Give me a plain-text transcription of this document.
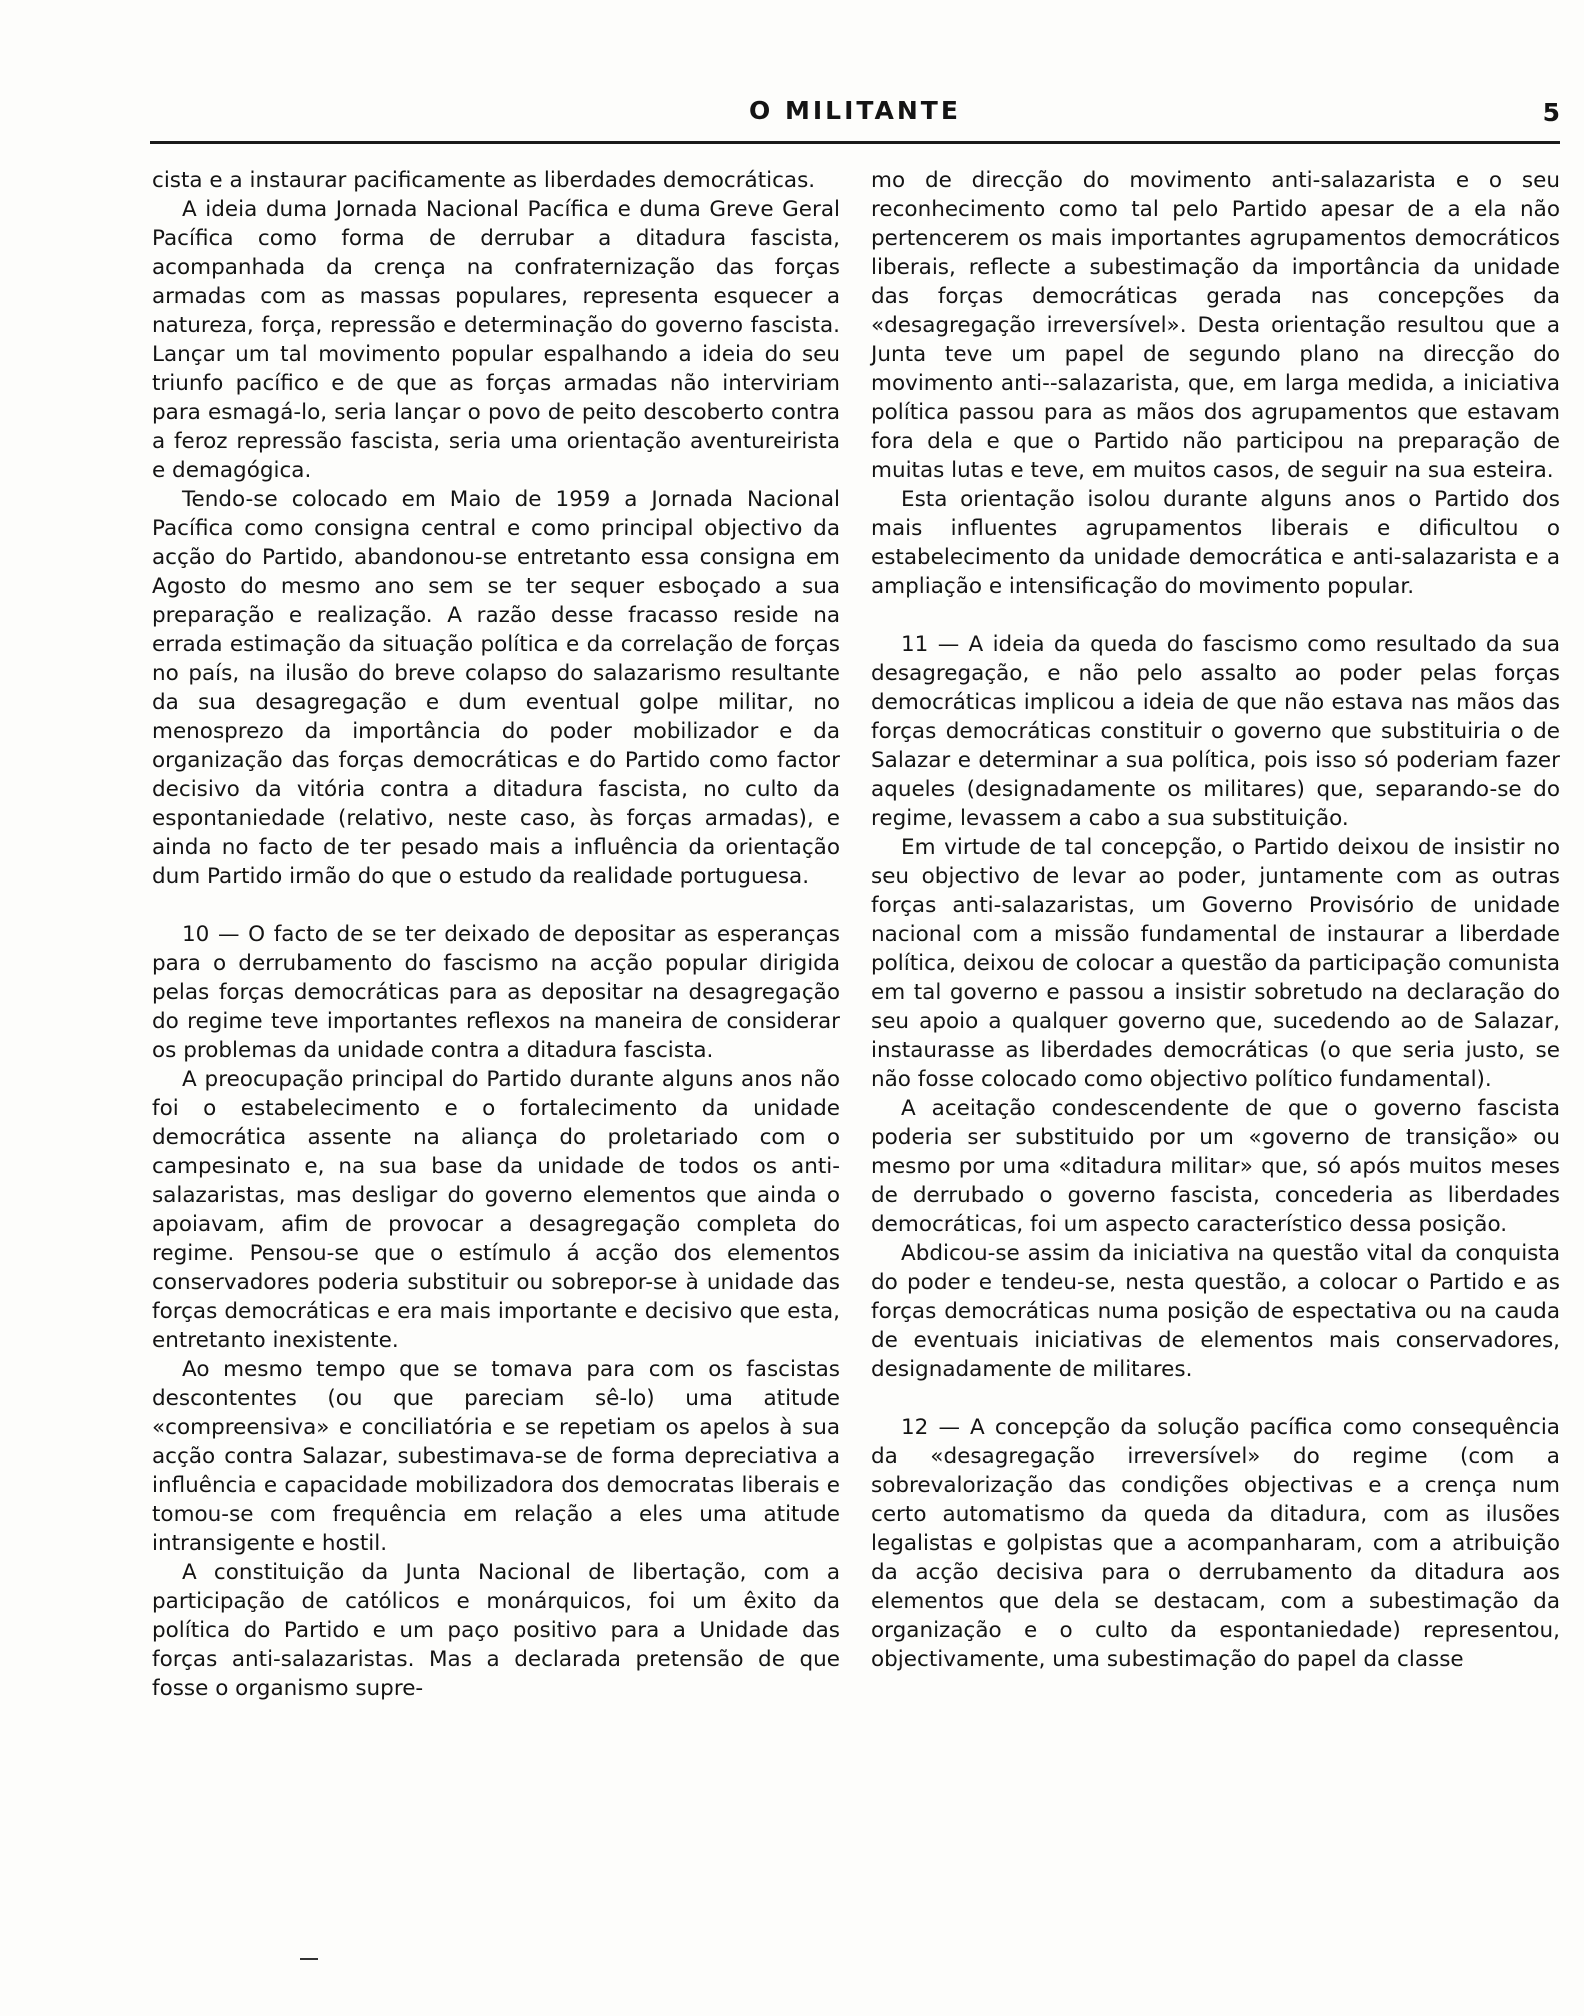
O MILITANTE	5

cista e a instaurar pacificamente as liberdades democráticas.

A ideia duma Jornada Nacional Pacífica e duma Greve Geral Pacífica como forma de derrubar a ditadura fascista, acompanhada da crença na confraternização das forças armadas com as massas populares, representa esquecer a natureza, força, repressão e determinação do governo fascista. Lançar um tal movimento popular espalhando a ideia do seu triunfo pacífico e de que as forças armadas não interviriam para esmagá-lo, seria lançar o povo de peito descoberto contra a feroz repressão fascista, seria uma orientação aventureirista e demagógica.

Tendo-se colocado em Maio de 1959 a Jornada Nacional Pacífica como consigna central e como principal objectivo da acção do Partido, abandonou-se entretanto essa consigna em Agosto do mesmo ano sem se ter sequer esboçado a sua preparação e realização. A razão desse fracasso reside na errada estimação da situação política e da correlação de forças no país, na ilusão do breve colapso do salazarismo resultante da sua desagregação e dum eventual golpe militar, no menosprezo da importância do poder mobilizador e da organização das forças democráticas e do Partido como factor decisivo da vitória contra a ditadura fascista, no culto da espontaniedade (relativo, neste caso, às forças armadas), e ainda no facto de ter pesado mais a influência da orientação dum Partido irmão do que o estudo da realidade portuguesa.

10 — O facto de se ter deixado de depositar as esperanças para o derrubamento do fascismo na acção popular dirigida pelas forças democráticas para as depositar na desagregação do regime teve importantes reflexos na maneira de considerar os problemas da unidade contra a ditadura fascista.

A preocupação principal do Partido durante alguns anos não foi o estabelecimento e o fortalecimento da unidade democrática assente na aliança do proletariado com o campesinato e, na sua base da unidade de todos os anti-salazaristas, mas desligar do governo elementos que ainda o apoiavam, afim de provocar a desagregação completa do regime. Pensou-se que o estímulo á acção dos elementos conservadores poderia substituir ou sobrepor-se à unidade das forças democráticas e era mais importante e decisivo que esta, entretanto inexistente.

Ao mesmo tempo que se tomava para com os fascistas descontentes (ou que pareciam sê-lo) uma atitude «compreensiva» e conciliatória e se repetiam os apelos à sua acção contra Salazar, subestimava-se de forma depreciativa a influência e capacidade mobilizadora dos democratas liberais e tomou-se com frequência em relação a eles uma atitude intransigente e hostil.

A constituição da Junta Nacional de libertação, com a participação de católicos e monárquicos, foi um êxito da política do Partido e um paço positivo para a Unidade das forças anti-salazaristas. Mas a declarada pretensão de que fosse o organismo supre-

mo de direcção do movimento anti-salazarista e o seu reconhecimento como tal pelo Partido apesar de a ela não pertencerem os mais importantes agrupamentos democráticos liberais, reflecte a subestimação da importância da unidade das forças democráticas gerada nas concepções da «desagregação irreversível». Desta orientação resultou que a Junta teve um papel de segundo plano na direcção do movimento anti--salazarista, que, em larga medida, a iniciativa política passou para as mãos dos agrupamentos que estavam fora dela e que o Partido não participou na preparação de muitas lutas e teve, em muitos casos, de seguir na sua esteira.

Esta orientação isolou durante alguns anos o Partido dos mais influentes agrupamentos liberais e dificultou o estabelecimento da unidade democrática e anti-salazarista e a ampliação e intensificação do movimento popular.

11 — A ideia da queda do fascismo como resultado da sua desagregação, e não pelo assalto ao poder pelas forças democráticas implicou a ideia de que não estava nas mãos das forças democráticas constituir o governo que substituiria o de Salazar e determinar a sua política, pois isso só poderiam fazer aqueles (designadamente os militares) que, separando-se do regime, levassem a cabo a sua substituição.

Em virtude de tal concepção, o Partido deixou de insistir no seu objectivo de levar ao poder, juntamente com as outras forças anti-salazaristas, um Governo Provisório de unidade nacional com a missão fundamental de instaurar a liberdade política, deixou de colocar a questão da participação comunista em tal governo e passou a insistir sobretudo na declaração do seu apoio a qualquer governo que, sucedendo ao de Salazar, instaurasse as liberdades democráticas (o que seria justo, se não fosse colocado como objectivo político fundamental).

A aceitação condescendente de que o governo fascista poderia ser substituido por um «governo de transição» ou mesmo por uma «ditadura militar» que, só após muitos meses de derrubado o governo fascista, concederia as liberdades democráticas, foi um aspecto característico dessa posição.

Abdicou-se assim da iniciativa na questão vital da conquista do poder e tendeu-se, nesta questão, a colocar o Partido e as forças democráticas numa posição de espectativa ou na cauda de eventuais iniciativas de elementos mais conservadores, designadamente de militares.

12 — A concepção da solução pacífica como consequência da «desagregação irreversível» do regime (com a sobrevalorização das condições objectivas e a crença num certo automatismo da queda da ditadura, com as ilusões legalistas e golpistas que a acompanharam, com a atribuição da acção decisiva para o derrubamento da ditadura aos elementos que dela se destacam, com a subestimação da organização e o culto da espontaniedade) representou, objectivamente, uma subestimação do papel da classe
